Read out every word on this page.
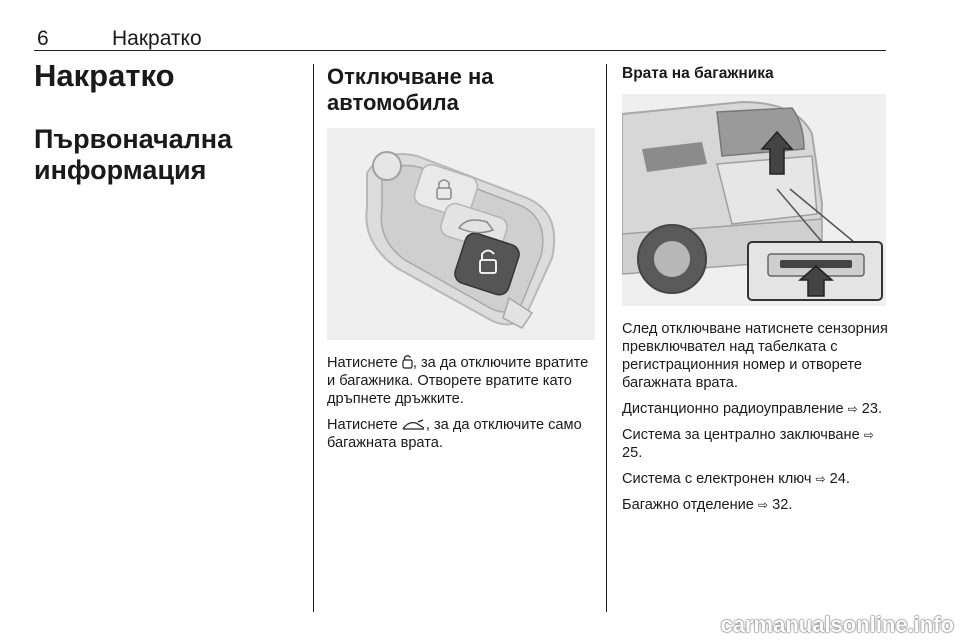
6	Накратко
Накратко
Първоначална информация
Отключване на автомобила

Натиснете , за да отключите вратите и багажника. Отворете вратите като дръпнете дръжките.

Натиснете , за да отключите само багажната врата.

Врата на багажника

След отключване натиснете сензорния превключвател над табелката с регистрационния номер и отворете багажната врата.

Дистанционно радиоуправление ⇨ 23.

Система за централно заключване ⇨ 25.

Система с електронен ключ ⇨ 24.

Багажно отделение ⇨ 32.

carmanualsonline.info
